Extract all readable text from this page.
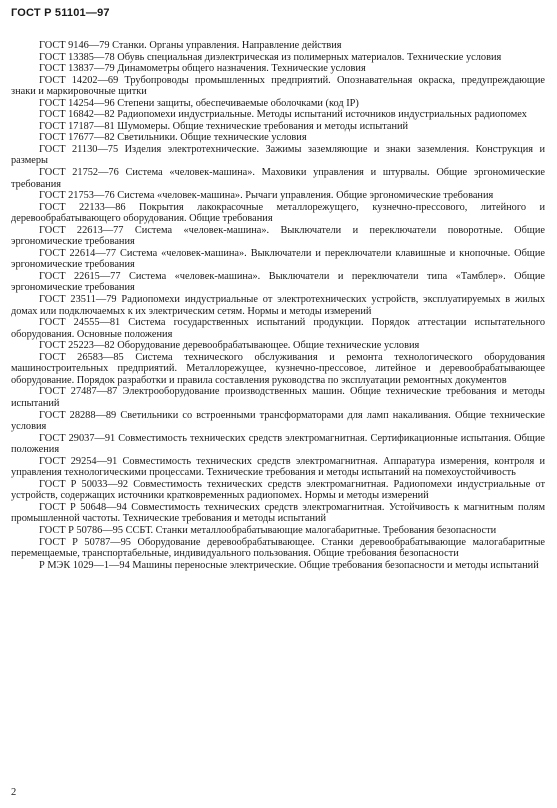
ГОСТ Р 51101—97
ГОСТ 9146—79 Станки. Органы управления. Направление действия
ГОСТ 13385—78 Обувь специальная диэлектрическая из полимерных материалов. Технические условия
ГОСТ 13837—79 Динамометры общего назначения. Технические условия
ГОСТ 14202—69 Трубопроводы промышленных предприятий. Опознавательная окраска, предупреждающие знаки и маркировочные щитки
ГОСТ 14254—96 Степени защиты, обеспечиваемые оболочками (код IP)
ГОСТ 16842—82 Радиопомехи индустриальные. Методы испытаний источников индустриальных радиопомех
ГОСТ 17187—81 Шумомеры. Общие технические требования и методы испытаний
ГОСТ 17677—82 Светильники. Общие технические условия
ГОСТ 21130—75 Изделия электротехнические. Зажимы заземляющие и знаки заземления. Конструкция и размеры
ГОСТ 21752—76 Система «человек-машина». Маховики управления и штурвалы. Общие эргономические требования
ГОСТ 21753—76 Система «человек-машина». Рычаги управления. Общие эргономические требования
ГОСТ 22133—86 Покрытия лакокрасочные металлорежущего, кузнечно-прессового, литейного и деревообрабатывающего оборудования. Общие требования
ГОСТ 22613—77 Система «человек-машина». Выключатели и переключатели поворотные. Общие эргономические требования
ГОСТ 22614—77 Система «человек-машина». Выключатели и переключатели клавишные и кнопочные. Общие эргономические требования
ГОСТ 22615—77 Система «человек-машина». Выключатели и переключатели типа «Тамблер». Общие эргономические требования
ГОСТ 23511—79 Радиопомехи индустриальные от электротехнических устройств, эксплуатируемых в жилых домах или подключаемых к их электрическим сетям. Нормы и методы измерений
ГОСТ 24555—81 Система государственных испытаний продукции. Порядок аттестации испытательного оборудования. Основные положения
ГОСТ 25223—82 Оборудование деревообрабатывающее. Общие технические условия
ГОСТ 26583—85 Система технического обслуживания и ремонта технологического оборудования машиностроительных предприятий. Металлорежущее, кузнечно-прессовое, литейное и деревообрабатывающее оборудование. Порядок разработки и правила составления руководства по эксплуатации ремонтных документов
ГОСТ 27487—87 Электрооборудование производственных машин. Общие технические требования и методы испытаний
ГОСТ 28288—89 Светильники со встроенными трансформаторами для ламп накаливания. Общие технические условия
ГОСТ 29037—91 Совместимость технических средств электромагнитная. Сертификационные испытания. Общие положения
ГОСТ 29254—91 Совместимость технических средств электромагнитная. Аппаратура измерения, контроля и управления технологическими процессами. Технические требования и методы испытаний на помехоустойчивость
ГОСТ Р 50033—92 Совместимость технических средств электромагнитная. Радиопомехи индустриальные от устройств, содержащих источники кратковременных радиопомех. Нормы и методы измерений
ГОСТ Р 50648—94 Совместимость технических средств электромагнитная. Устойчивость к магнитным полям промышленной частоты. Технические требования и методы испытаний
ГОСТ Р 50786—95 ССБТ. Станки металлообрабатывающие малогабаритные. Требования безопасности
ГОСТ Р 50787—95 Оборудование деревообрабатывающее. Станки деревообрабатывающие малогабаритные перемещаемые, транспортабельные, индивидуального пользования. Общие требования безопасности
Р МЭК 1029—1—94 Машины переносные электрические. Общие требования безопасности и методы испытаний
2
